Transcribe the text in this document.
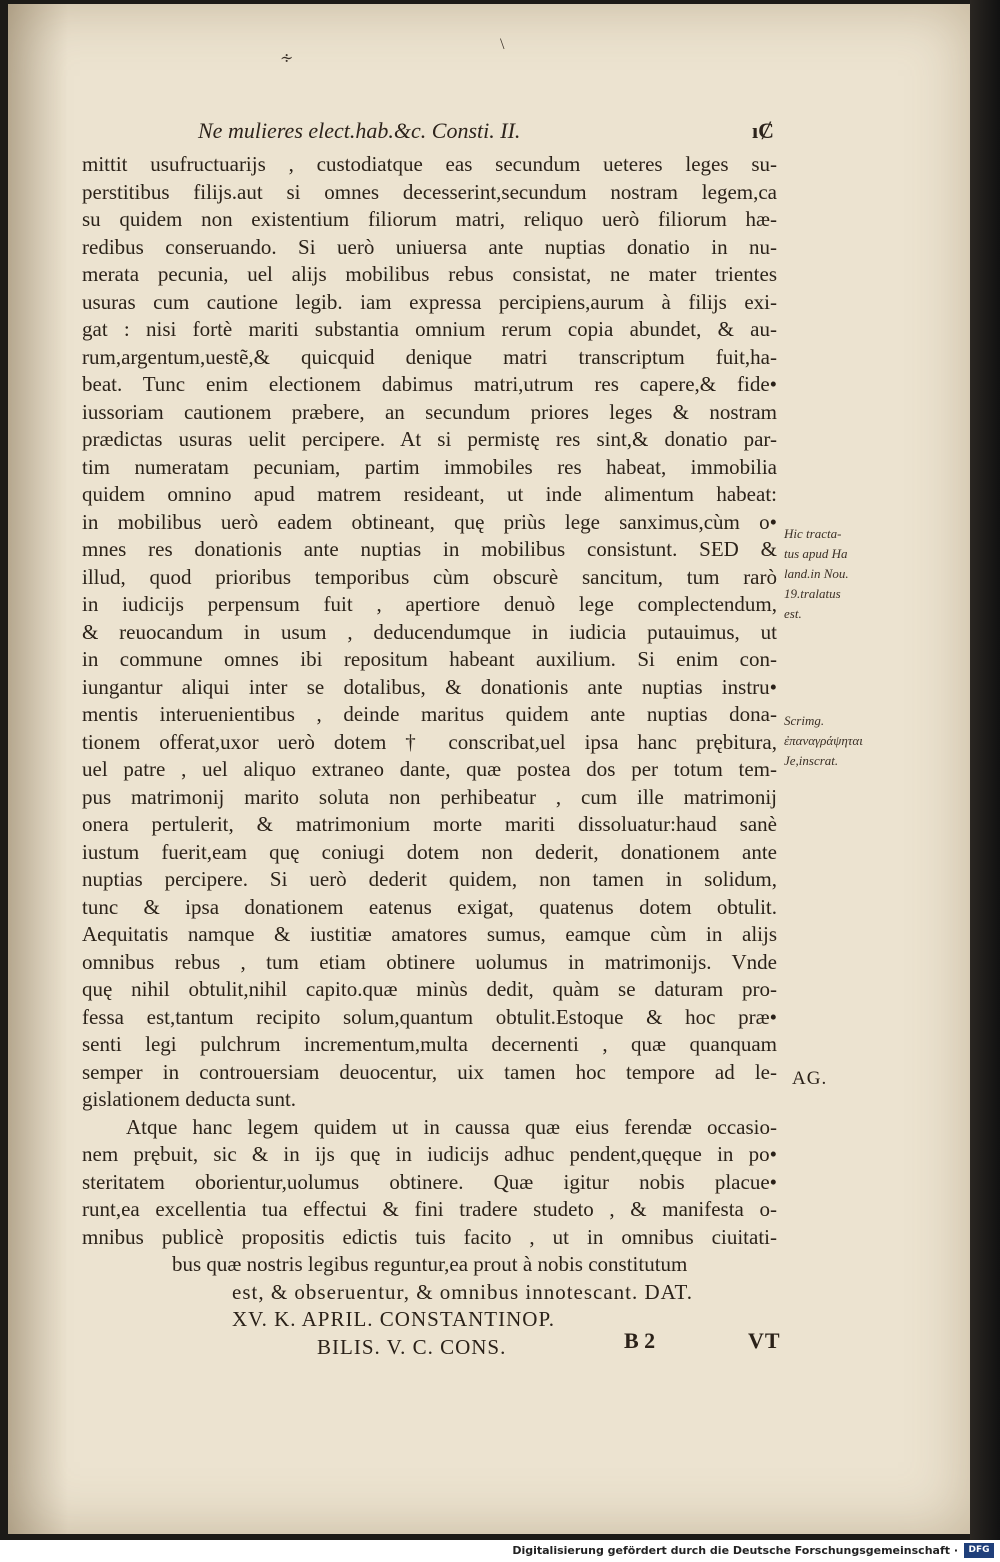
∻
\
Ne mulieres elect.hab.&c. Consti. II.	ıȻ
mittit usufructuarijs , custodiatque eas secundum ueteres leges su-
perstitibus filijs.aut si omnes decesserint,secundum nostram legem,ca
su quidem non existentium filiorum matri, reliquo uerò filiorum hæ-
redibus conseruando. Si uerò uniuersa ante nuptias donatio in nu-
merata pecunia, uel alijs mobilibus rebus consistat, ne mater trientes
usuras cum cautione legib. iam expressa percipiens,aurum à filijs exi-
gat : nisi fortè mariti substantia omnium rerum copia abundet, & au-
rum,argentum,uestẽ,& quicquid denique matri transcriptum fuit,ha-
beat. Tunc enim electionem dabimus matri,utrum res capere,& fide•
iussoriam cautionem præbere, an secundum priores leges & nostram
prædictas usuras uelit percipere. At si permistę res sint,& donatio par-
tim numeratam pecuniam, partim immobiles res habeat, immobilia
quidem omnino apud matrem resideant, ut inde alimentum habeat:
in mobilibus uerò eadem obtineant, quę priùs lege sanximus,cùm o•
mnes res donationis ante nuptias in mobilibus consistunt. SED &
illud, quod prioribus temporibus cùm obscurè sancitum, tum rarò
in iudicijs perpensum fuit , apertiore denuò lege complectendum,
& reuocandum in usum , deducendumque in iudicia putauimus, ut
in commune omnes ibi repositum habeant auxilium. Si enim con-
iungantur aliqui inter se dotalibus, & donationis ante nuptias instru•
mentis interuenientibus , deinde maritus quidem ante nuptias dona-
tionem offerat,uxor uerò dotem † conscribat,uel ipsa hanc prębitura,
uel patre , uel aliquo extraneo dante, quæ postea dos per totum tem-
pus matrimonij marito soluta non perhibeatur , cum ille matrimonij
onera pertulerit, & matrimonium morte mariti dissoluatur:haud sanè
iustum fuerit,eam quę coniugi dotem non dederit, donationem ante
nuptias percipere. Si uerò dederit quidem, non tamen in solidum,
tunc & ipsa donationem eatenus exigat, quatenus dotem obtulit.
Aequitatis namque & iustitiæ amatores sumus, eamque cùm in alijs
omnibus rebus , tum etiam obtinere uolumus in matrimonijs. Vnde
quę nihil obtulit,nihil capito.quæ minùs dedit, quàm se daturam pro-
fessa est,tantum recipito solum,quantum obtulit.Estoque & hoc præ•
senti legi pulchrum incrementum,multa decernenti , quæ quanquam
semper in controuersiam deuocentur, uix tamen hoc tempore ad le-
gislationem deducta sunt.
Atque hanc legem quidem ut in caussa quæ eius ferendæ occasio-
nem prębuit, sic & in ijs quę in iudicijs adhuc pendent,quęque in po•
steritatem oborientur,uolumus obtinere. Quæ igitur nobis placue•
runt,ea excellentia tua effectui & fini tradere studeto , & manifesta o-
mnibus publicè propositis edictis tuis facito , ut in omnibus ciuitati-
bus quæ nostris legibus reguntur,ea prout à nobis constitutum
est, & obseruentur, & omnibus innotescant. DAT.
XV. K. APRIL. CONSTANTINOP.
BILIS. V. C. CONS.
Hic tracta-
tus apud Ha
land.in Nou.
19.tralatus
est.
Scrimg.
ἐπαναγράψηται
Je,inscrat.
AG.
B 2	VT
Digitalisierung gefördert durch die Deutsche Forschungsgemeinschaft ·	DFG
